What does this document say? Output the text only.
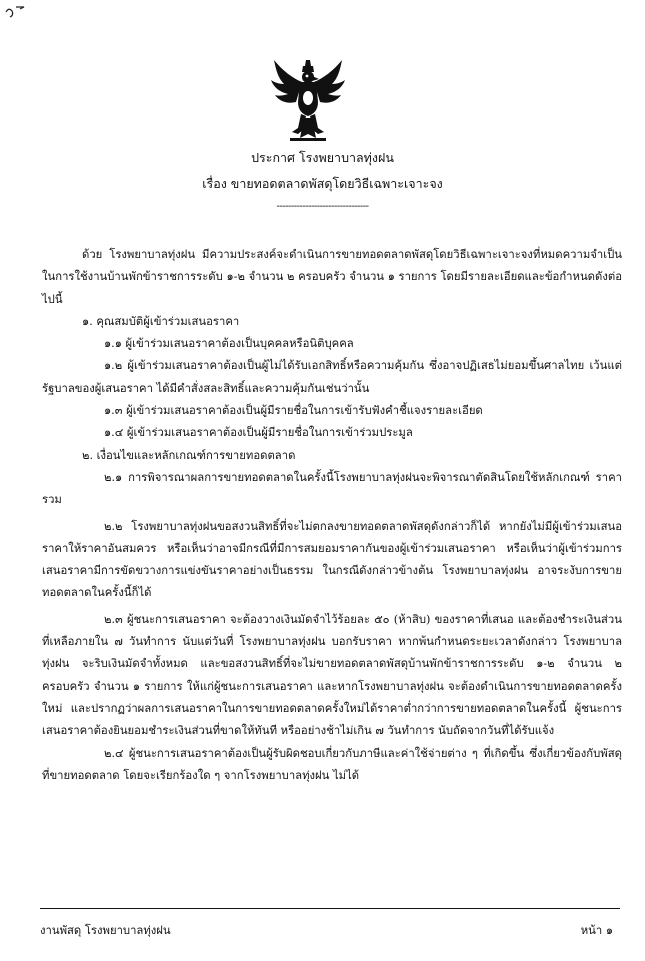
ประกาศ โรงพยาบาลทุ่งฝน
เรื่อง ขายทอดตลาดพัสดุโดยวิธีเฉพาะเจาะจง
--------------------------------

ด้วย โรงพยาบาลทุ่งฝน มีความประสงค์จะดำเนินการขายทอดตลาดพัสดุโดยวิธีเฉพาะเจาะจงที่หมดความจำเป็นในการใช้งานบ้านพักข้าราชการระดับ ๑-๒ จำนวน ๒ ครอบครัว จำนวน ๑ รายการ โดยมีรายละเอียดและข้อกำหนดดังต่อไปนี้

๑. คุณสมบัติผู้เข้าร่วมเสนอราคา

๑.๑ ผู้เข้าร่วมเสนอราคาต้องเป็นบุคคลหรือนิติบุคคล

๑.๒ ผู้เข้าร่วมเสนอราคาต้องเป็นผู้ไม่ได้รับเอกสิทธิ์หรือความคุ้มกัน ซึ่งอาจปฏิเสธไม่ยอมขึ้นศาลไทย เว้นแต่รัฐบาลของผู้เสนอราคา ได้มีคำสั่งสละสิทธิ์และความคุ้มกันเช่นว่านั้น

๑.๓ ผู้เข้าร่วมเสนอราคาต้องเป็นผู้มีรายชื่อในการเข้ารับฟังคำชี้แจงรายละเอียด

๑.๔ ผู้เข้าร่วมเสนอราคาต้องเป็นผู้มีรายชื่อในการเข้าร่วมประมูล

๒. เงื่อนไขและหลักเกณฑ์การขายทอดตลาด

๒.๑ การพิจารณาผลการขายทอดตลาดในครั้งนี้โรงพยาบาลทุ่งฝนจะพิจารณาตัดสินโดยใช้หลักเกณฑ์ ราคารวม

๒.๒ โรงพยาบาลทุ่งฝนขอสงวนสิทธิ์ที่จะไม่ตกลงขายทอดตลาดพัสดุดังกล่าวก็ได้ หากยังไม่มีผู้เข้าร่วมเสนอราคาให้ราคาอันสมควร หรือเห็นว่าอาจมีกรณีที่มีการสมยอมราคากันของผู้เข้าร่วมเสนอราคา หรือเห็นว่าผู้เข้าร่วมการเสนอราคามีการขัดขวางการแข่งขันราคาอย่างเป็นธรรม ในกรณีดังกล่าวข้างต้น โรงพยาบาลทุ่งฝน อาจระงับการขายทอดตลาดในครั้งนี้ก็ได้

๒.๓ ผู้ชนะการเสนอราคา จะต้องวางเงินมัดจำไว้ร้อยละ ๕๐ (ห้าสิบ) ของราคาที่เสนอ และต้องชำระเงินส่วนที่เหลือภายใน ๗ วันทำการ นับแต่วันที่ โรงพยาบาลทุ่งฝน บอกรับราคา หากพ้นกำหนดระยะเวลาดังกล่าว โรงพยาบาลทุ่งฝน จะริบเงินมัดจำทั้งหมด และขอสงวนสิทธิ์ที่จะไม่ขายทอดตลาดพัสดุบ้านพักข้าราชการระดับ ๑-๒ จำนวน ๒ ครอบครัว จำนวน ๑ รายการ ให้แก่ผู้ชนะการเสนอราคา และหากโรงพยาบาลทุ่งฝน จะต้องดำเนินการขายทอดตลาดครั้งใหม่ และปรากฏว่าผลการเสนอราคาในการขายทอดตลาดครั้งใหม่ได้ราคาต่ำกว่าการขายทอดตลาดในครั้งนี้ ผู้ชนะการเสนอราคาต้องยินยอมชำระเงินส่วนที่ขาดให้ทันที หรืออย่างช้าไม่เกิน ๗ วันทำการ นับถัดจากวันที่ได้รับแจ้ง

๒.๔ ผู้ชนะการเสนอราคาต้องเป็นผู้รับผิดชอบเกี่ยวกับภาษีและค่าใช้จ่ายต่าง ๆ ที่เกิดขึ้น ซึ่งเกี่ยวข้องกับพัสดุที่ขายทอดตลาด โดยจะเรียกร้องใด ๆ จากโรงพยาบาลทุ่งฝน ไม่ได้

งานพัสดุ โรงพยาบาลทุ่งฝน	หน้า ๑
